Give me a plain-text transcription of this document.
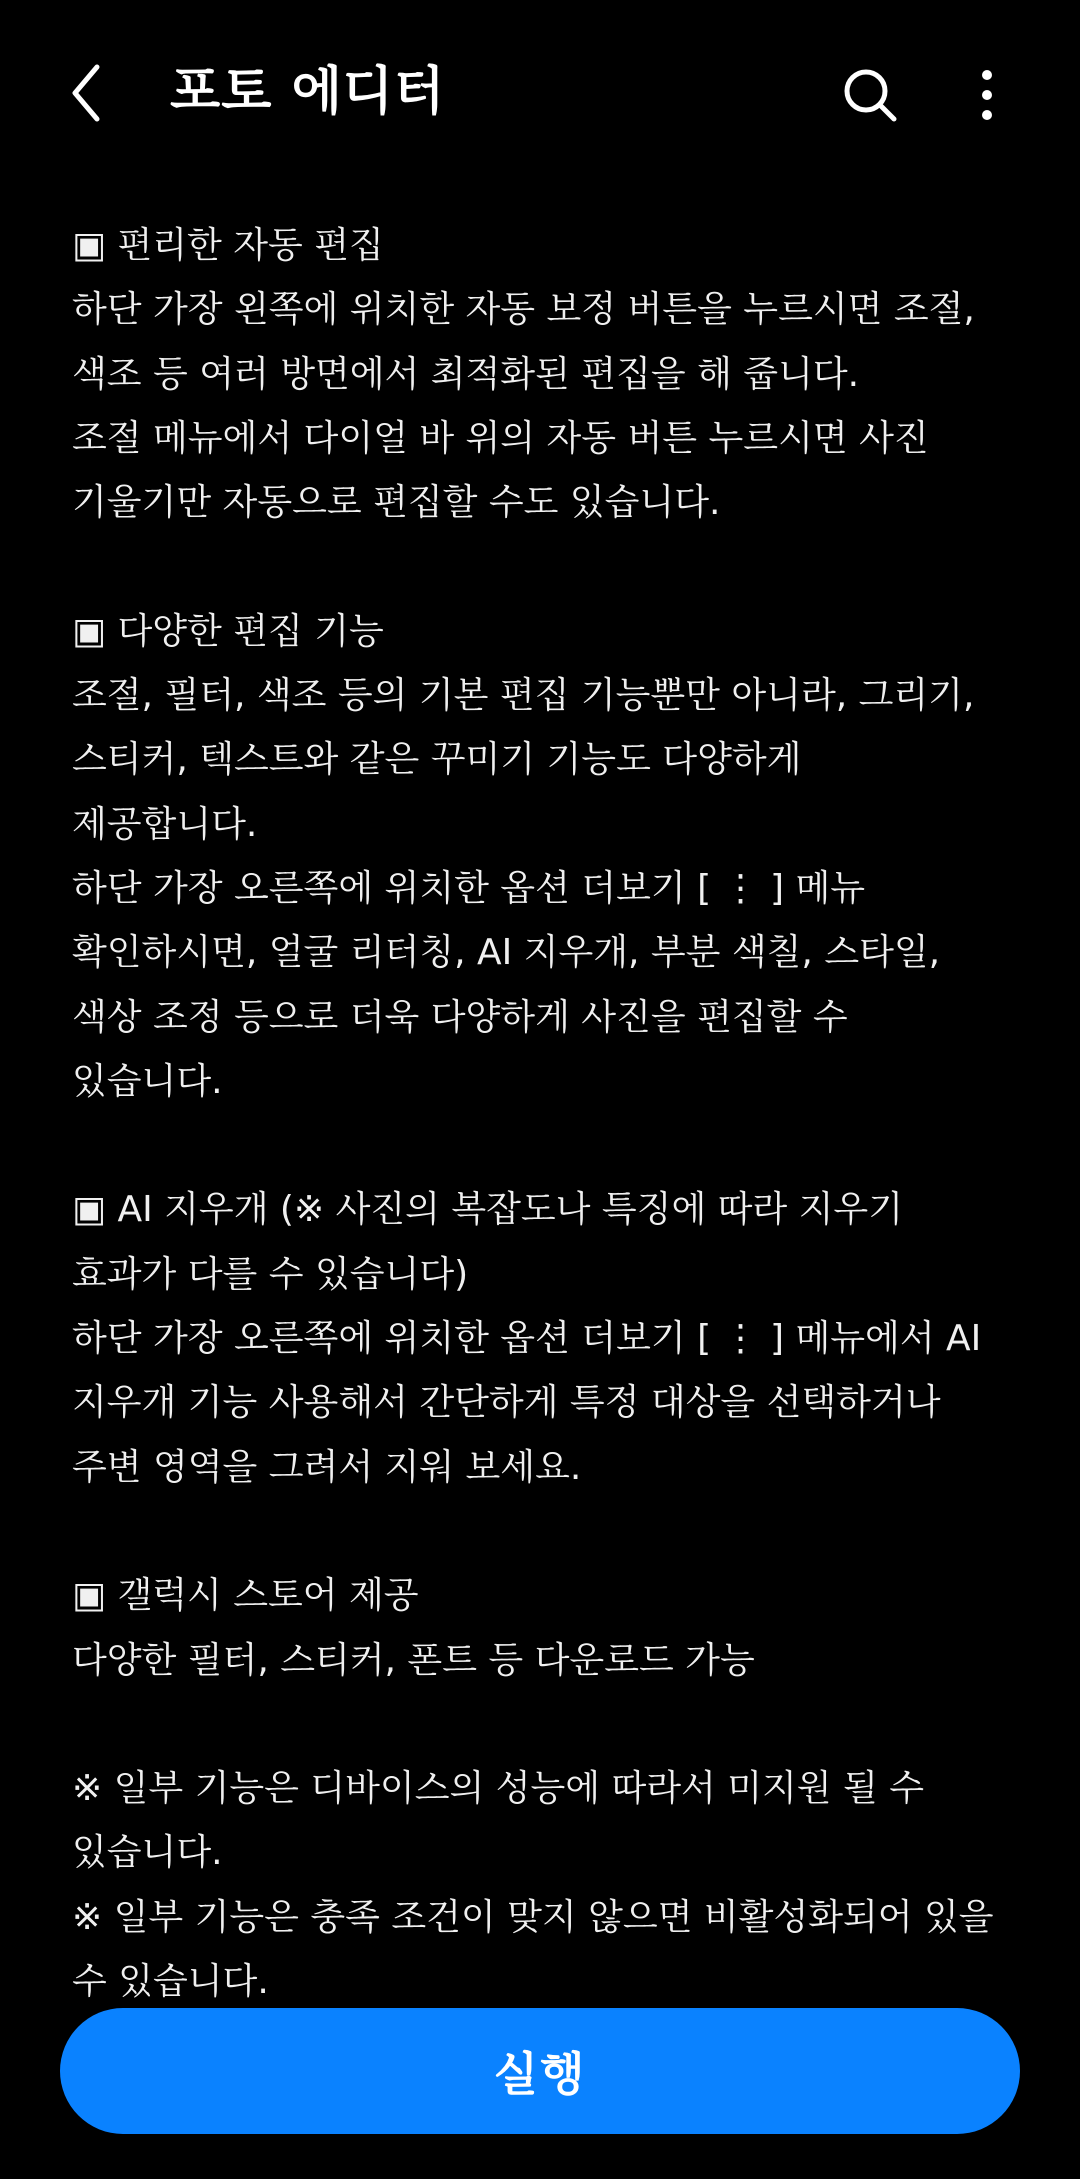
포토 에디터
▣ 편리한 자동 편집
하단 가장 왼쪽에 위치한 자동 보정 버튼을 누르시면 조절,
색조 등 여러 방면에서 최적화된 편집을 해 줍니다.
조절 메뉴에서 다이얼 바 위의 자동 버튼 누르시면 사진
기울기만 자동으로 편집할 수도 있습니다.
▣ 다양한 편집 기능
조절, 필터, 색조 등의 기본 편집 기능뿐만 아니라, 그리기,
스티커, 텍스트와 같은 꾸미기 기능도 다양하게
제공합니다.
하단 가장 오른쪽에 위치한 옵션 더보기 [ ⋮ ] 메뉴
확인하시면, 얼굴 리터칭, AI 지우개, 부분 색칠, 스타일,
색상 조정 등으로 더욱 다양하게 사진을 편집할 수
있습니다.
▣ AI 지우개 (※ 사진의 복잡도나 특징에 따라 지우기
효과가 다를 수 있습니다)
하단 가장 오른쪽에 위치한 옵션 더보기 [ ⋮ ] 메뉴에서 AI
지우개 기능 사용해서 간단하게 특정 대상을 선택하거나
주변 영역을 그려서 지워 보세요.
▣ 갤럭시 스토어 제공
다양한 필터, 스티커, 폰트 등 다운로드 가능
※ 일부 기능은 디바이스의 성능에 따라서 미지원 될 수
있습니다.
※ 일부 기능은 충족 조건이 맞지 않으면 비활성화되어 있을
수 있습니다.
실행
